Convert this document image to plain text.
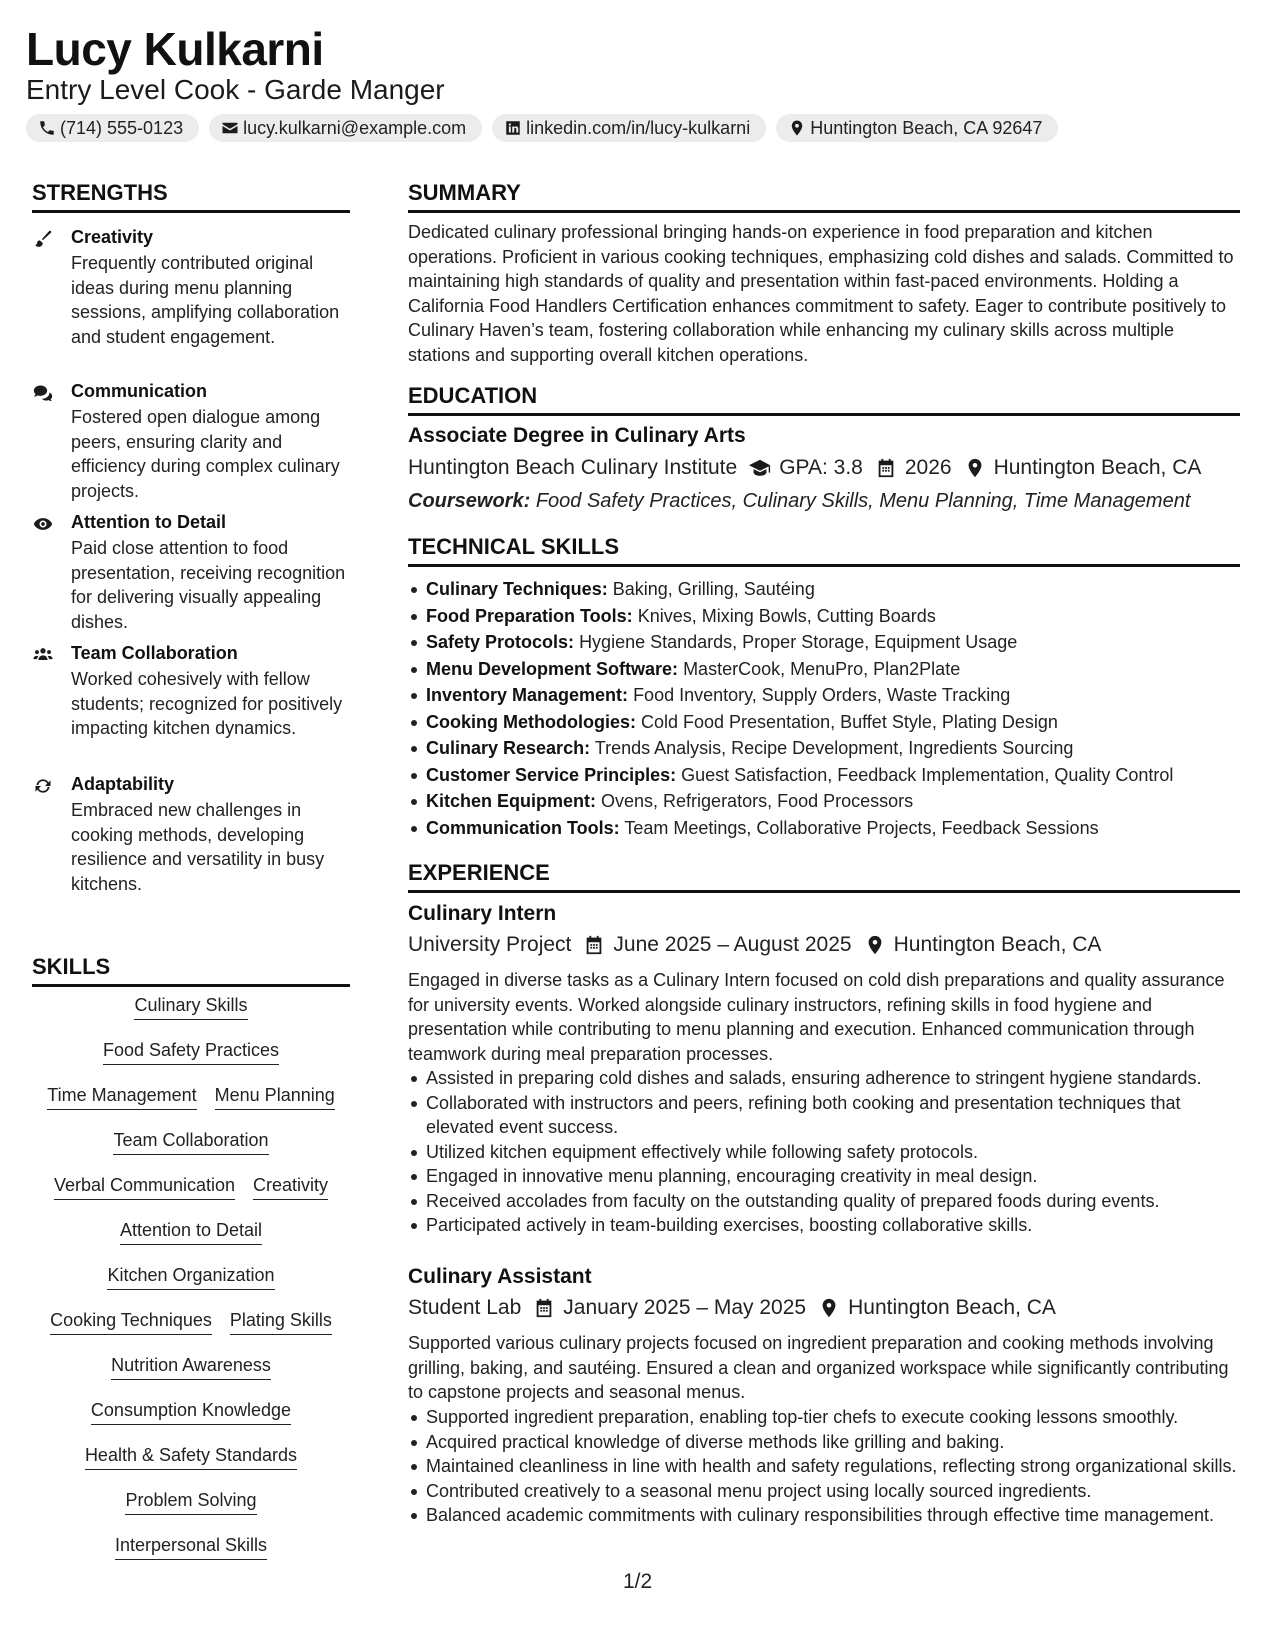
Lucy Kulkarni
Entry Level Cook - Garde Manger
(714) 555-0123	lucy.kulkarni@example.com	linkedin.com/in/lucy-kulkarni	Huntington Beach, CA 92647
STRENGTHS
Creativity
Frequently contributed original ideas during menu planning sessions, amplifying collaboration and student engagement.
Communication
Fostered open dialogue among peers, ensuring clarity and efficiency during complex culinary projects.
Attention to Detail
Paid close attention to food presentation, receiving recognition for delivering visually appealing dishes.
Team Collaboration
Worked cohesively with fellow students; recognized for positively impacting kitchen dynamics.
Adaptability
Embraced new challenges in cooking methods, developing resilience and versatility in busy kitchens.
SKILLS
Culinary Skills
Food Safety Practices
Time Management Menu Planning
Team Collaboration
Verbal Communication Creativity
Attention to Detail
Kitchen Organization
Cooking Techniques Plating Skills
Nutrition Awareness
Consumption Knowledge
Health & Safety Standards
Problem Solving
Interpersonal Skills
SUMMARY
Dedicated culinary professional bringing hands-on experience in food preparation and kitchen operations. Proficient in various cooking techniques, emphasizing cold dishes and salads. Committed to maintaining high standards of quality and presentation within fast-paced environments. Holding a California Food Handlers Certification enhances commitment to safety. Eager to contribute positively to Culinary Haven’s team, fostering collaboration while enhancing my culinary skills across multiple stations and supporting overall kitchen operations.
EDUCATION
Associate Degree in Culinary Arts
Huntington Beach Culinary Institute GPA: 3.8 2026 Huntington Beach, CA
Coursework: Food Safety Practices, Culinary Skills, Menu Planning, Time Management
TECHNICAL SKILLS
Culinary Techniques: Baking, Grilling, Sautéing
Food Preparation Tools: Knives, Mixing Bowls, Cutting Boards
Safety Protocols: Hygiene Standards, Proper Storage, Equipment Usage
Menu Development Software: MasterCook, MenuPro, Plan2Plate
Inventory Management: Food Inventory, Supply Orders, Waste Tracking
Cooking Methodologies: Cold Food Presentation, Buffet Style, Plating Design
Culinary Research: Trends Analysis, Recipe Development, Ingredients Sourcing
Customer Service Principles: Guest Satisfaction, Feedback Implementation, Quality Control
Kitchen Equipment: Ovens, Refrigerators, Food Processors
Communication Tools: Team Meetings, Collaborative Projects, Feedback Sessions
EXPERIENCE
Culinary Intern
University Project June 2025 – August 2025 Huntington Beach, CA
Engaged in diverse tasks as a Culinary Intern focused on cold dish preparations and quality assurance for university events. Worked alongside culinary instructors, refining skills in food hygiene and presentation while contributing to menu planning and execution. Enhanced communication through teamwork during meal preparation processes.
Assisted in preparing cold dishes and salads, ensuring adherence to stringent hygiene standards.
Collaborated with instructors and peers, refining both cooking and presentation techniques that elevated event success.
Utilized kitchen equipment effectively while following safety protocols.
Engaged in innovative menu planning, encouraging creativity in meal design.
Received accolades from faculty on the outstanding quality of prepared foods during events.
Participated actively in team-building exercises, boosting collaborative skills.
Culinary Assistant
Student Lab January 2025 – May 2025 Huntington Beach, CA
Supported various culinary projects focused on ingredient preparation and cooking methods involving grilling, baking, and sautéing. Ensured a clean and organized workspace while significantly contributing to capstone projects and seasonal menus.
Supported ingredient preparation, enabling top-tier chefs to execute cooking lessons smoothly.
Acquired practical knowledge of diverse methods like grilling and baking.
Maintained cleanliness in line with health and safety regulations, reflecting strong organizational skills.
Contributed creatively to a seasonal menu project using locally sourced ingredients.
Balanced academic commitments with culinary responsibilities through effective time management.
1/2
